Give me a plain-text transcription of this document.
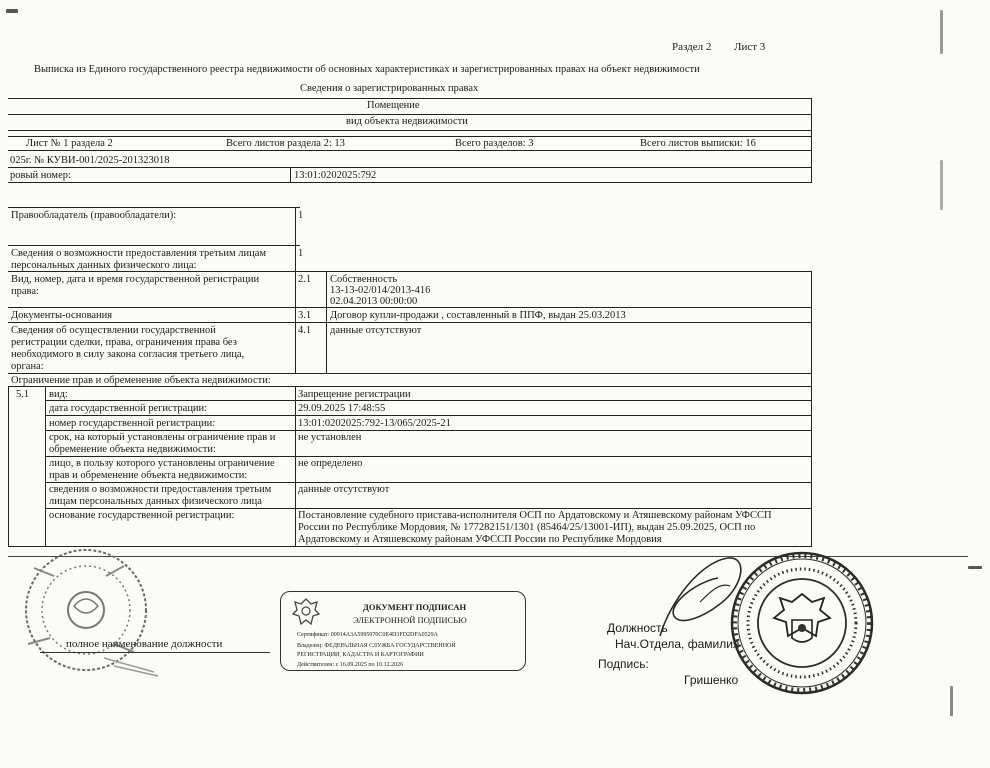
Раздел 2 Лист 3
Выписка из Единого государственного реестра недвижимости об основных характеристиках и зарегистрированных правах на объект недвижимости
Сведения о зарегистрированных правах
Помещение
вид объекта недвижимости
Лист № 1 раздела 2	Всего листов раздела 2: 13	Всего разделов: 3	Всего листов выписки: 16
025г. № КУВИ-001/2025-201323018
ровый номер:	13:01:0202025:792
Правообладатель (правообладатели):	1
Сведения о возможности предоставления третьим лицам
персональных данных физического лица:
1
Вид, номер, дата и время государственной регистрации
права:
2.1 Собственность
13-13-02/014/2013-416
02.04.2013 00:00:00
Документы-основания	3.1 Договор купли-продажи , составленный в ППФ, выдан 25.03.2013
Сведения об осуществлении государственной
регистрации сделки, права, ограничения права без
необходимого в силу закона согласия третьего лица,
органа:
4.1 данные отсутствуют
Ограничение прав и обременение объекта недвижимости:
5.1 вид:	Запрещение регистрации
дата государственной регистрации:	29.09.2025 17:48:55
номер государственной регистрации:	13:01:0202025:792-13/065/2025-21
срок, на который установлены ограничение прав и
обременение объекта недвижимости:
не установлен
лицо, в пользу которого установлены ограничение
прав и обременение объекта недвижимости:
не определено
сведения о возможности предоставления третьим
лицам персональных данных физического лица
данные отсутствуют
основание государственной регистрации:	Постановление судебного пристава-исполнителя ОСП по Ардатовскому и Атяшевскому районам УФССП
России по Республике Мордовия, № 177282151/1301 (85464/25/13001-ИП), выдан 25.09.2025, ОСП по
Ардатовскому и Атяшевскому районам УФССП России по Республике Мордовия
ДОКУМЕНТ ПОДПИСАН
ЭЛЕКТРОННОЙ ПОДПИСЬЮ
Сертификат: 00914A3A5995070C0E4D3FD2DFA0529A
Владелец: ФЕДЕРАЛЬНАЯ СЛУЖБА ГОСУДАРСТВЕННОЙ
РЕГИСТРАЦИИ, КАДАСТРА И КАРТОГРАФИИ
Действителен: с 16.09.2025 по 10.12.2026
полное наименование должности
Должность
Нач.Отдела, фамилия
Подпись:
Гришенко
